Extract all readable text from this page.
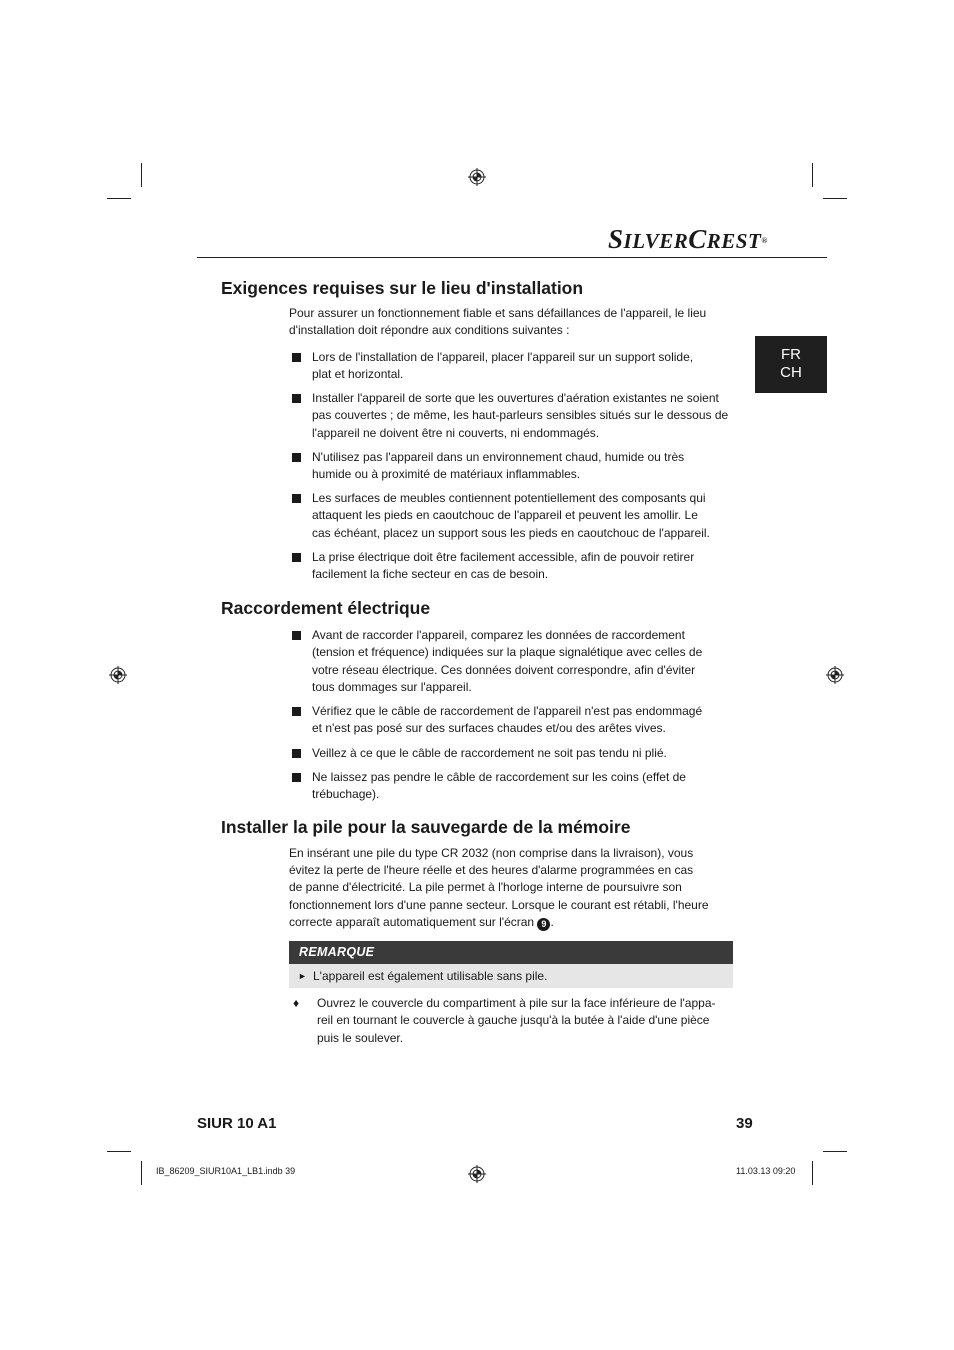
SILVERCREST®
FR
CH
Exigences requises sur le lieu d'installation
Pour assurer un fonctionnement fiable et sans défaillances de l'appareil, le lieu
d'installation doit répondre aux conditions suivantes :
Lors de l'installation de l'appareil, placer l'appareil sur un support solide,
plat et horizontal.
Installer l'appareil de sorte que les ouvertures d'aération existantes ne soient
pas couvertes ; de même, les haut-parleurs sensibles situés sur le dessous de
l'appareil ne doivent être ni couverts, ni endommagés.
N'utilisez pas l'appareil dans un environnement chaud, humide ou très
humide ou à proximité de matériaux inflammables.
Les surfaces de meubles contiennent potentiellement des composants qui
attaquent les pieds en caoutchouc de l'appareil et peuvent les amollir. Le
cas échéant, placez un support sous les pieds en caoutchouc de l'appareil.
La prise électrique doit être facilement accessible, afin de pouvoir retirer
facilement la fiche secteur en cas de besoin.
Raccordement électrique
Avant de raccorder l'appareil, comparez les données de raccordement
(tension et fréquence) indiquées sur la plaque signalétique avec celles de
votre réseau électrique. Ces données doivent correspondre, afin d'éviter
tous dommages sur l'appareil.
Vérifiez que le câble de raccordement de l'appareil n'est pas endommagé
et n'est pas posé sur des surfaces chaudes et/ou des arêtes vives.
Veillez à ce que le câble de raccordement ne soit pas tendu ni plié.
Ne laissez pas pendre le câble de raccordement sur les coins (effet de
trébuchage).
Installer la pile pour la sauvegarde de la mémoire
En insérant une pile du type CR 2032 (non comprise dans la livraison), vous
évitez la perte de l'heure réelle et des heures d'alarme programmées en cas
de panne d'électricité. La pile permet à l'horloge interne de poursuivre son
fonctionnement lors d'une panne secteur. Lorsque le courant est rétabli, l'heure
correcte apparaît automatiquement sur l'écran 9 .
REMARQUE
► L'appareil est également utilisable sans pile.
♦ Ouvrez le couvercle du compartiment à pile sur la face inférieure de l'appa-
reil en tournant le couvercle à gauche jusqu'à la butée à l'aide d'une pièce
puis le soulever.
SIUR 10 A1	39
IB_86209_SIUR10A1_LB1.indb 39	11.03.13 09:20
